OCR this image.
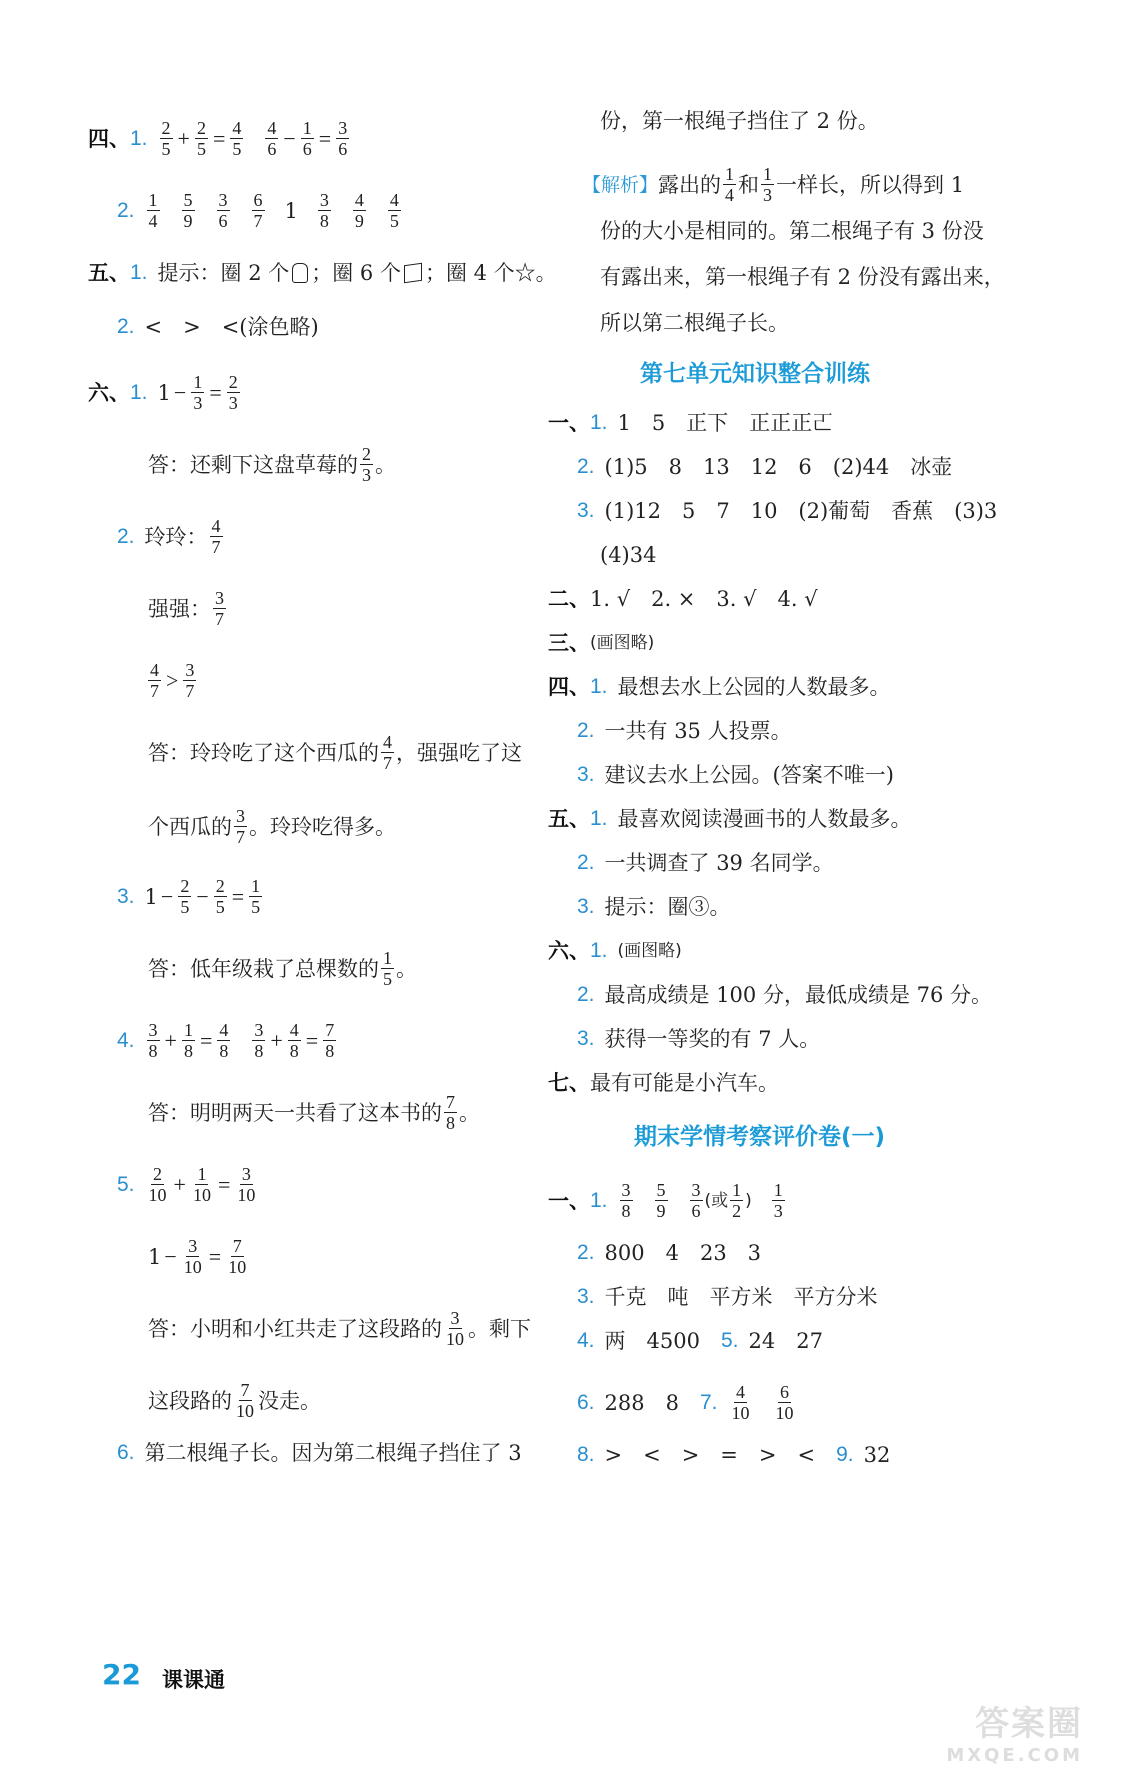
四、 1. $\frac{2}{5} + \frac{2}{5} = \frac{4}{5} \frac{4}{6} - \frac{1}{6} = \frac{3}{6}$
2. $\frac{1}{4} \frac{5}{9} \frac{3}{6} \frac{6}{7} 1 \frac{3}{8} \frac{4}{9} \frac{4}{5}$
五、 1. 提示：圈 2 个 ；圈 6 个 ；圈 4 个☆。
2. <　>　<(涂色略)
六、 1. $1 - \frac{1}{3} = \frac{2}{3}$
答：还剩下这盘草莓的 $\frac{2}{3}$ 。
2. 玲玲： $\frac{4}{7}$
强强： $\frac{3}{7}$
$\frac{4}{7} > \frac{3}{7}$
答：玲玲吃了这个西瓜的 $\frac{4}{7}$ ，强强吃了这
个西瓜的 $\frac{3}{7}$ 。玲玲吃得多。
3. $1 - \frac{2}{5} - \frac{2}{5} = \frac{1}{5}$
答：低年级栽了总棵数的 $\frac{1}{5}$ 。
4. $\frac{3}{8} + \frac{1}{8} = \frac{4}{8} \frac{3}{8} + \frac{4}{8} = \frac{7}{8}$
答：明明两天一共看了这本书的 $\frac{7}{8}$ 。
5. $\frac{2}{10} + \frac{1}{10} = \frac{3}{10}$
$1 - \frac{3}{10} = \frac{7}{10}$
答：小明和小红共走了这段路的 $\frac{3}{10}$ 。剩下
这段路的 $\frac{7}{10}$ 没走。
6. 第二根绳子长。因为第二根绳子挡住了 3
份，第一根绳子挡住了 2 份。
【解析】 露出的 $\frac{1}{4}$ 和 $\frac{1}{3}$ 一样长，所以得到 1
份的大小是相同的。第二根绳子有 3 份没
有露出来，第一根绳子有 2 份没有露出来，
所以第二根绳子长。
第七单元知识整合训练
一、 1. 1　5　正下　正正正𠀀
2. (1)5　8　13　12　6　(2)44　冰壶
3. (1)12　5　7　10　(2)葡萄　香蕉　(3)3
(4)34
二、 1. √　2. ×　3. √　4. √
三、 (画图略)
四、 1. 最想去水上公园的人数最多。
2. 一共有 35 人投票。
3. 建议去水上公园。(答案不唯一)
五、 1. 最喜欢阅读漫画书的人数最多。
2. 一共调查了 39 名同学。
3. 提示：圈③。
六、 1. (画图略)
2. 最高成绩是 100 分，最低成绩是 76 分。
3. 获得一等奖的有 7 人。
七、 最有可能是小汽车。
期末学情考察评价卷(一)
一、 1. $\frac{3}{8} \frac{5}{9} \frac{3}{6}$ (或 $\frac{1}{2}$ ) $\frac{1}{3}$
2. 800　4　23　3
3. 千克　吨　平方米　平方分米
4. 两　4500　 5. 24　27
6. 288　8　 7. $\frac{4}{10} \frac{6}{10}$
8. >　<　>　=　>　<　 9. 32
22 课课通
答案圈
MXQE.COM
